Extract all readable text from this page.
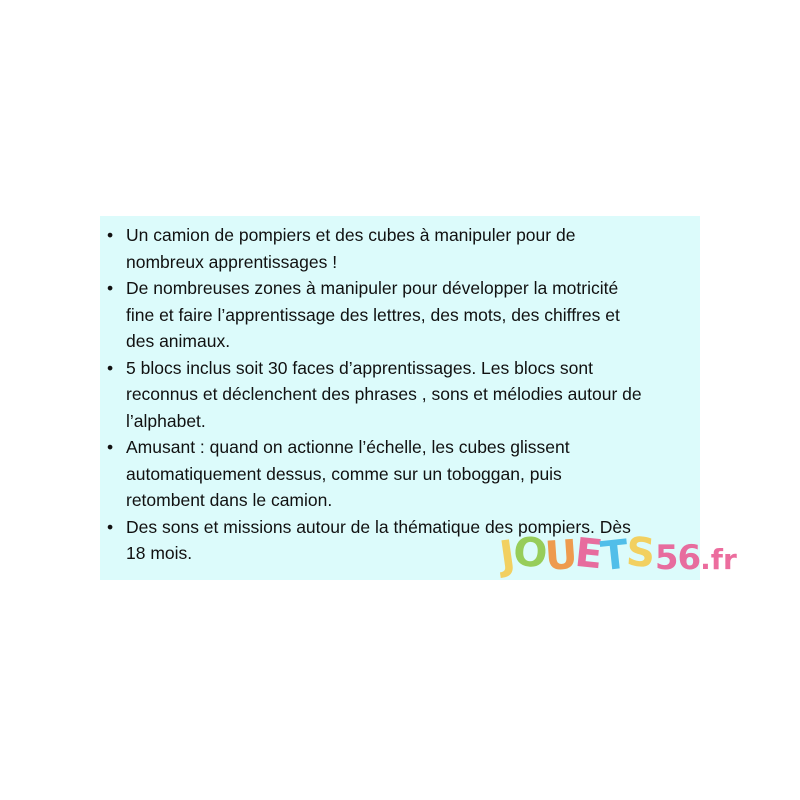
• Un camion de pompiers et des cubes à manipuler pour de
nombreux apprentissages !
• De nombreuses zones à manipuler pour développer la motricité
fine et faire l’apprentissage des lettres, des mots, des chiffres et
des animaux.
• 5 blocs inclus soit 30 faces d’apprentissages. Les blocs sont
reconnus et déclenchent des phrases , sons et mélodies autour de
l’alphabet.
• Amusant : quand on actionne l’échelle, les cubes glissent
automatiquement dessus, comme sur un toboggan, puis
retombent dans le camion.
• Des sons et missions autour de la thématique des pompiers. Dès
18 mois.	JOUETS56.fr
